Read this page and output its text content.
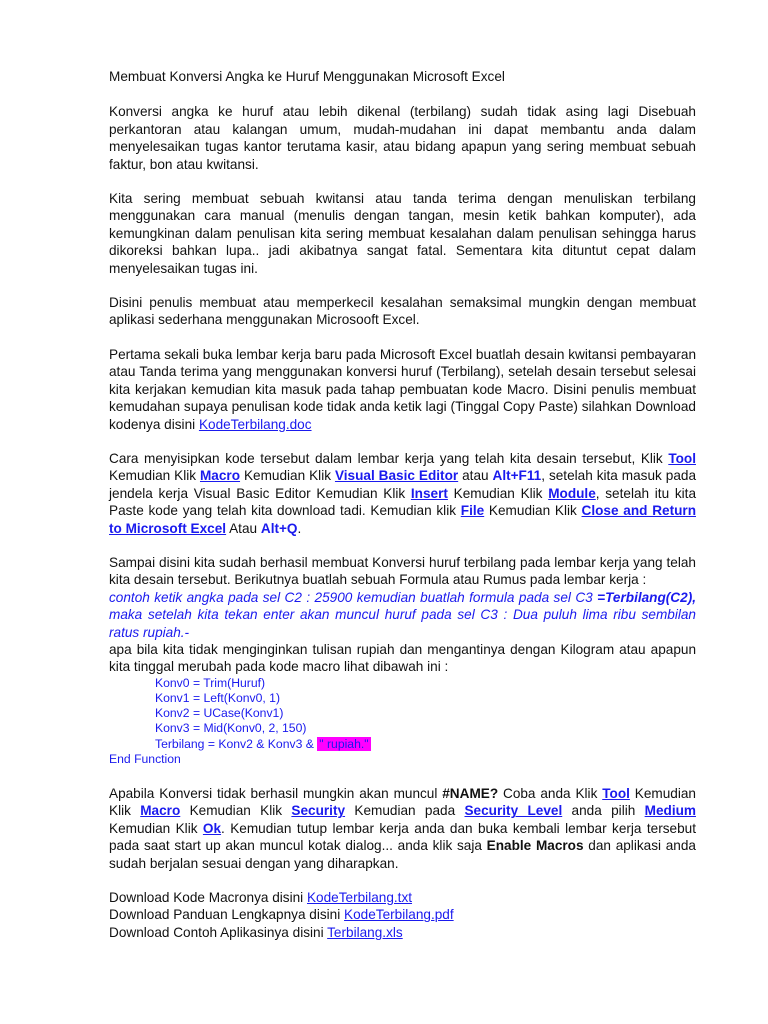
Membuat Konversi Angka ke Huruf Menggunakan Microsoft Excel

Konversi angka ke huruf atau lebih dikenal (terbilang) sudah tidak asing lagi Disebuah perkantoran atau kalangan umum, mudah-mudahan ini dapat membantu anda dalam menyelesaikan tugas kantor terutama kasir, atau bidang apapun yang sering membuat sebuah faktur, bon atau kwitansi.

Kita sering membuat sebuah kwitansi atau tanda terima dengan menuliskan terbilang menggunakan cara manual (menulis dengan tangan, mesin ketik bahkan komputer), ada kemungkinan dalam penulisan kita sering membuat kesalahan dalam penulisan sehingga harus dikoreksi bahkan lupa.. jadi akibatnya sangat fatal. Sementara kita dituntut cepat dalam menyelesaikan tugas ini.

Disini penulis membuat atau memperkecil kesalahan semaksimal mungkin dengan membuat aplikasi sederhana menggunakan Microsooft Excel.

Pertama sekali buka lembar kerja baru pada Microsoft Excel buatlah desain kwitansi pembayaran atau Tanda terima yang menggunakan konversi huruf (Terbilang), setelah desain tersebut selesai kita kerjakan kemudian kita masuk pada tahap pembuatan kode Macro. Disini penulis membuat kemudahan supaya penulisan kode tidak anda ketik lagi (Tinggal Copy Paste) silahkan Download kodenya disini KodeTerbilang.doc

Cara menyisipkan kode tersebut dalam lembar kerja yang telah kita desain tersebut, Klik Tool Kemudian Klik Macro Kemudian Klik Visual Basic Editor atau Alt+F11, setelah kita masuk pada jendela kerja Visual Basic Editor Kemudian Klik Insert Kemudian Klik Module, setelah itu kita Paste kode yang telah kita download tadi. Kemudian klik File Kemudian Klik Close and Return to Microsoft Excel Atau Alt+Q.

Sampai disini kita sudah berhasil membuat Konversi huruf terbilang pada lembar kerja yang telah kita desain tersebut. Berikutnya buatlah sebuah Formula atau Rumus pada lembar kerja :

contoh ketik angka pada sel C2 : 25900 kemudian buatlah formula pada sel C3 =Terbilang(C2), maka setelah kita tekan enter akan muncul huruf pada sel C3 : Dua puluh lima ribu sembilan ratus rupiah.-

apa bila kita tidak menginginkan tulisan rupiah dan mengantinya dengan Kilogram atau apapun kita tinggal merubah pada kode macro lihat dibawah ini :

Konv0 = Trim(Huruf)
Konv1 = Left(Konv0, 1)
Konv2 = UCase(Konv1)
Konv3 = Mid(Konv0, 2, 150)
Terbilang = Konv2 & Konv3 & " rupiah."
End Function

Apabila Konversi tidak berhasil mungkin akan muncul #NAME? Coba anda Klik Tool Kemudian Klik Macro Kemudian Klik Security Kemudian pada Security Level anda pilih Medium Kemudian Klik Ok. Kemudian tutup lembar kerja anda dan buka kembali lembar kerja tersebut pada saat start up akan muncul kotak dialog... anda klik saja Enable Macros dan aplikasi anda sudah berjalan sesuai dengan yang diharapkan.

Download Kode Macronya disini KodeTerbilang.txt
Download Panduan Lengkapnya disini KodeTerbilang.pdf
Download Contoh Aplikasinya disini Terbilang.xls
